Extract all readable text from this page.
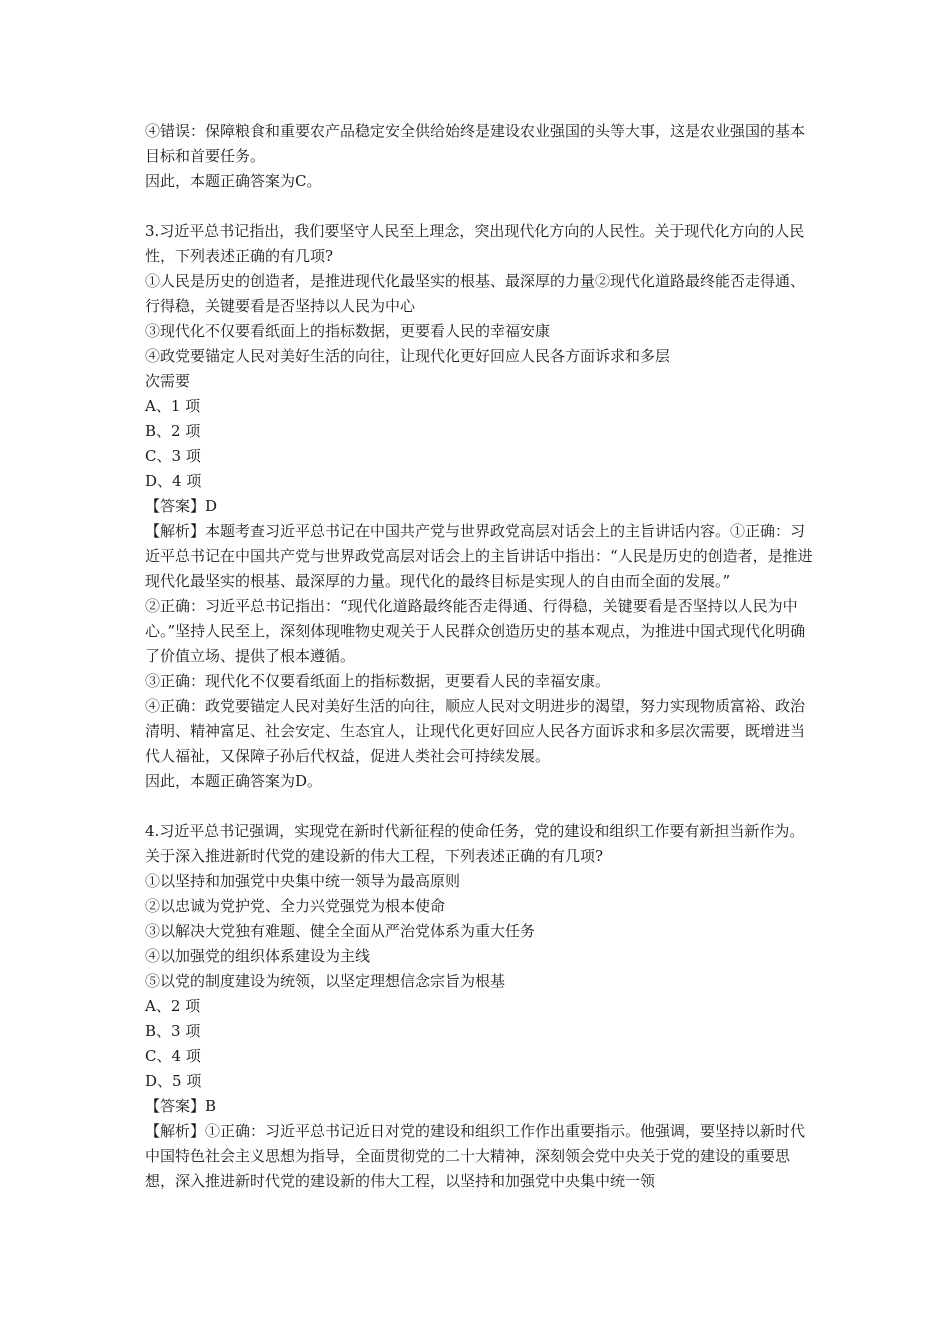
④错误：保障粮食和重要农产品稳定安全供给始终是建设农业强国的头等大事，这是农业强国的基本目标和首要任务。

因此，本题正确答案为C。

3.习近平总书记指出，我们要坚守人民至上理念，突出现代化方向的人民性。关于现代化方向的人民性，下列表述正确的有几项?

①人民是历史的创造者，是推进现代化最坚实的根基、最深厚的力量②现代化道路最终能否走得通、行得稳，关键要看是否坚持以人民为中心

③现代化不仅要看纸面上的指标数据，更要看人民的幸福安康

④政党要锚定人民对美好生活的向往，让现代化更好回应人民各方面诉求和多层

次需要

A、1 项

B、2 项

C、3 项

D、4 项

【答案】D

【解析】本题考查习近平总书记在中国共产党与世界政党高层对话会上的主旨讲话内容。①正确：习近平总书记在中国共产党与世界政党高层对话会上的主旨讲话中指出：“人民是历史的创造者，是推进现代化最坚实的根基、最深厚的力量。现代化的最终目标是实现人的自由而全面的发展。”

②正确：习近平总书记指出：“现代化道路最终能否走得通、行得稳，关键要看是否坚持以人民为中心。”坚持人民至上，深刻体现唯物史观关于人民群众创造历史的基本观点，为推进中国式现代化明确了价值立场、提供了根本遵循。

③正确：现代化不仅要看纸面上的指标数据，更要看人民的幸福安康。

④正确：政党要锚定人民对美好生活的向往，顺应人民对文明进步的渴望，努力实现物质富裕、政治清明、精神富足、社会安定、生态宜人，让现代化更好回应人民各方面诉求和多层次需要，既增进当代人福祉，又保障子孙后代权益，促进人类社会可持续发展。

因此，本题正确答案为D。

4.习近平总书记强调，实现党在新时代新征程的使命任务，党的建设和组织工作要有新担当新作为。关于深入推进新时代党的建设新的伟大工程，下列表述正确的有几项?

①以坚持和加强党中央集中统一领导为最高原则

②以忠诚为党护党、全力兴党强党为根本使命

③以解决大党独有难题、健全全面从严治党体系为重大任务

④以加强党的组织体系建设为主线

⑤以党的制度建设为统领，以坚定理想信念宗旨为根基

A、2 项

B、3 项

C、4 项

D、5 项

【答案】B

【解析】①正确：习近平总书记近日对党的建设和组织工作作出重要指示。他强调，要坚持以新时代中国特色社会主义思想为指导，全面贯彻党的二十大精神，深刻领会党中央关于党的建设的重要思想，深入推进新时代党的建设新的伟大工程，以坚持和加强党中央集中统一领
